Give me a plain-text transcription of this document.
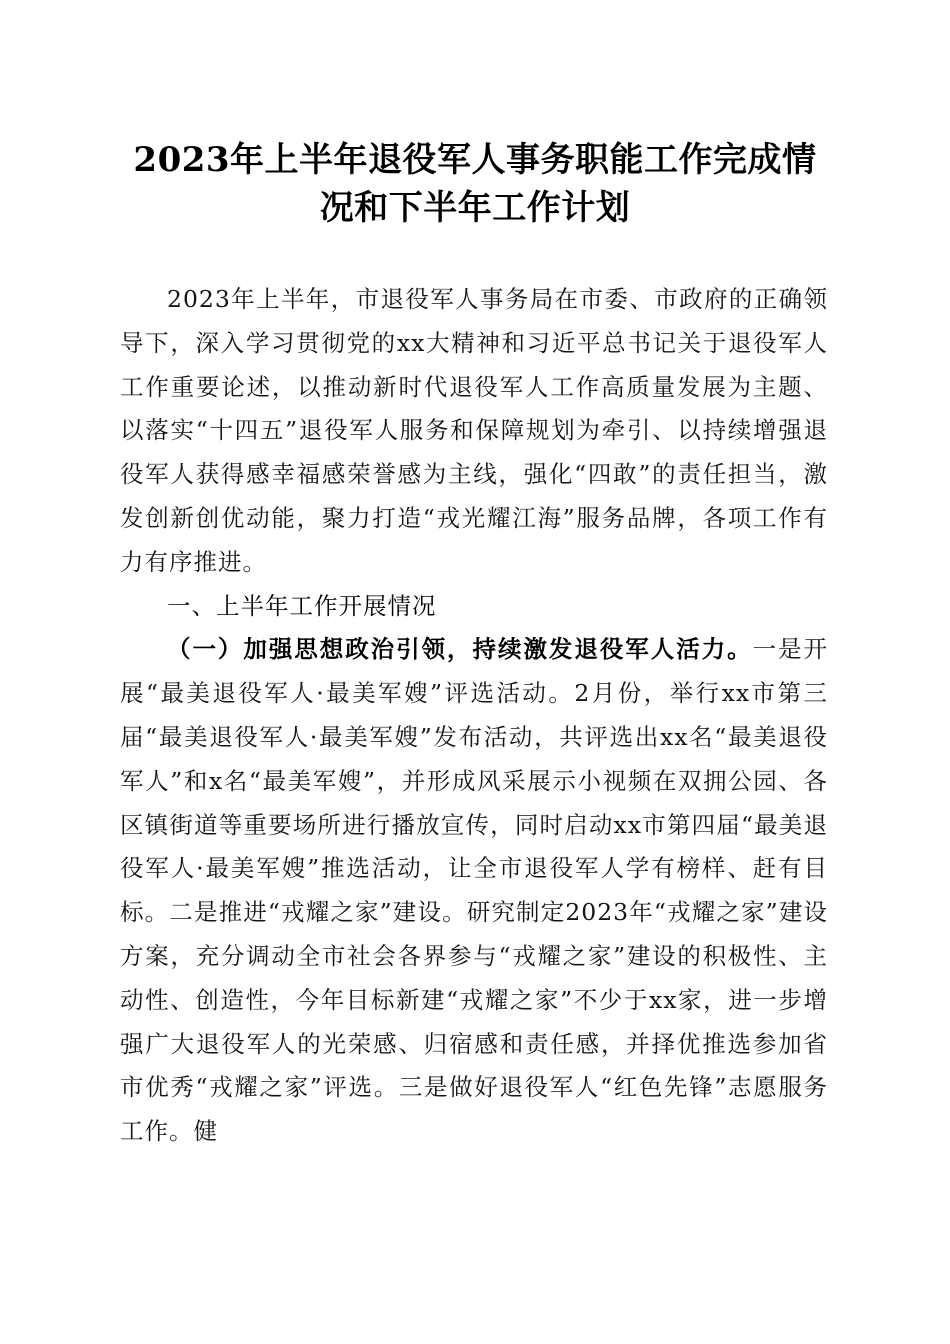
2023年上半年退役军人事务职能工作完成情况和下半年工作计划

2023年上半年，市退役军人事务局在市委、市政府的正确领导下，深入学习贯彻党的xx大精神和习近平总书记关于退役军人工作重要论述，以推动新时代退役军人工作高质量发展为主题、以落实“十四五”退役军人服务和保障规划为牵引、以持续增强退役军人获得感幸福感荣誉感为主线，强化“四敢”的责任担当，激发创新创优动能，聚力打造“戎光耀江海”服务品牌，各项工作有力有序推进。

一、上半年工作开展情况

（一）加强思想政治引领，持续激发退役军人活力。一是开展“最美退役军人·最美军嫂”评选活动。2月份，举行xx市第三届“最美退役军人·最美军嫂”发布活动，共评选出xx名“最美退役军人”和x名“最美军嫂”，并形成风采展示小视频在双拥公园、各区镇街道等重要场所进行播放宣传，同时启动xx市第四届“最美退役军人·最美军嫂”推选活动，让全市退役军人学有榜样、赶有目标。二是推进“戎耀之家”建设。研究制定2023年“戎耀之家”建设方案，充分调动全市社会各界参与“戎耀之家”建设的积极性、主动性、创造性，今年目标新建“戎耀之家”不少于xx家，进一步增强广大退役军人的光荣感、归宿感和责任感，并择优推选参加省市优秀“戎耀之家”评选。三是做好退役军人“红色先锋”志愿服务工作。健
